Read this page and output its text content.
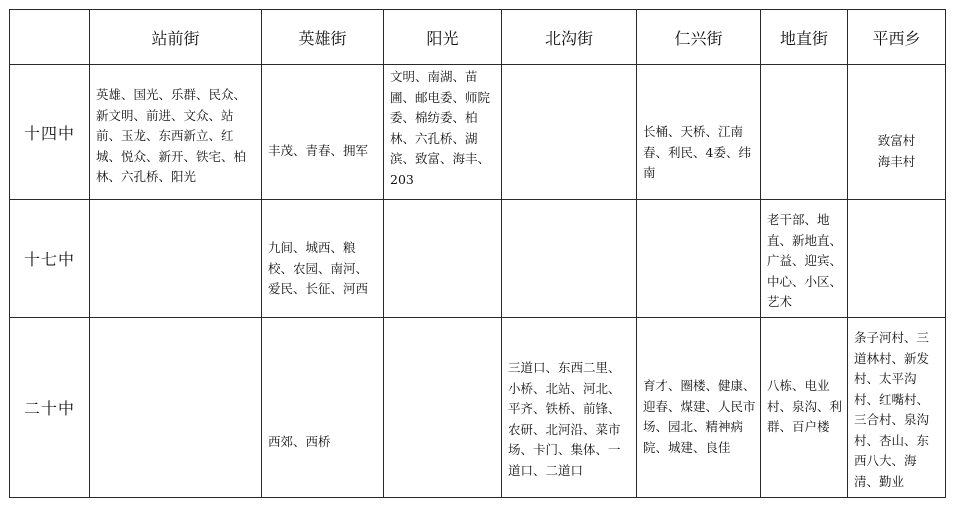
	站前街	英雄街	阳光	北沟街	仁兴街	地直街	平西乡
十四中	英雄、国光、乐群、民众、新文明、前进、文众、站前、玉龙、东西新立、红城、悦众、新开、铁宅、柏林、六孔桥、阳光	丰茂、青春、拥军	文明、南湖、苗圃、邮电委、师院委、棉纺委、柏林、六孔桥、湖滨、致富、海丰、203		长桶、天桥、江南春、利民、4委、纬南		致富村
海丰村

十七中		九间、城西、粮校、农园、南河、爱民、长征、河西				老干部、地直、新地直、广益、迎宾、中心、小区、艺术	

二十中		西郊、西桥		三道口、东西二里、小桥、北站、河北、平齐、铁桥、前锋、农研、北河沿、菜市场、卡门、集体、一道口、二道口	育才、圈楼、健康、迎春、煤建、人民市场、园北、精神病院、城建、良佳	八栋、电业村、泉沟、利群、百户楼	条子河村、三道林村、新发村、太平沟村、红嘴村、三合村、泉沟村、杏山、东西八大、海清、勤业
